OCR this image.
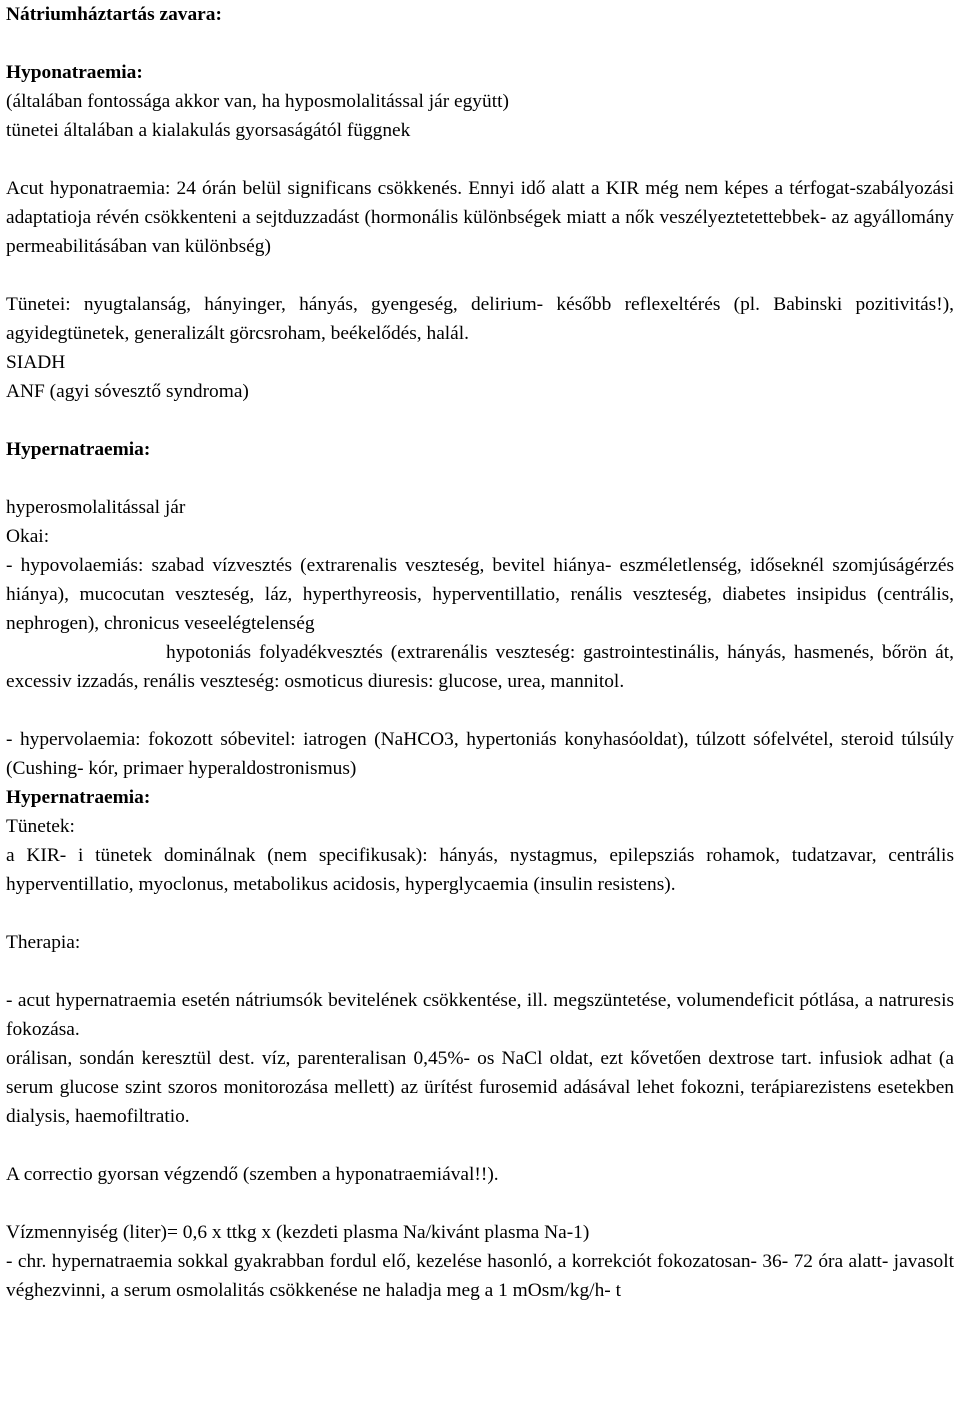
Nátriumháztartás zavara:

Hyponatraemia:

(általában fontossága akkor van, ha hyposmolalitással jár együtt)

tünetei általában a kialakulás gyorsaságától függnek

Acut hyponatraemia: 24 órán belül significans csökkenés. Ennyi idő alatt a KIR még nem képes a térfogat-szabályozási adaptatioja révén csökkenteni a sejtduzzadást (hormonális különbségek miatt a nők veszélyeztetettebbek- az agyállomány permeabilitásában van különbség)

Tünetei: nyugtalanság, hányinger, hányás, gyengeség, delirium- később reflexeltérés (pl. Babinski pozitivitás!), agyidegtünetek, generalizált görcsroham, beékelődés, halál.

SIADH

ANF (agyi sóvesztő syndroma)

Hypernatraemia:

hyperosmolalitással jár

Okai:

- hypovolaemiás: szabad vízvesztés (extrarenalis veszteség, bevitel hiánya- eszméletlenség, időseknél szomjúságérzés hiánya), mucocutan veszteség, láz, hyperthyreosis, hyperventillatio, renális veszteség, diabetes insipidus (centrális, nephrogen), chronicus veseelégtelenség

hypotoniás folyadékvesztés (extrarenális veszteség: gastrointestinális, hányás, hasmenés, bőrön át, excessiv izzadás, renális veszteség: osmoticus diuresis: glucose, urea, mannitol.

- hypervolaemia: fokozott sóbevitel: iatrogen (NaHCO3, hypertoniás konyhasóoldat), túlzott sófelvétel, steroid túlsúly (Cushing- kór, primaer hyperaldostronismus)

Hypernatraemia:

Tünetek:

a KIR- i tünetek dominálnak (nem specifikusak): hányás, nystagmus, epilepsziás rohamok, tudatzavar, centrális hyperventillatio, myoclonus, metabolikus acidosis, hyperglycaemia (insulin resistens).

Therapia:

- acut hypernatraemia esetén nátriumsók bevitelének csökkentése, ill. megszüntetése, volumendeficit pótlása, a natruresis fokozása.

orálisan, sondán keresztül dest. víz, parenteralisan 0,45%- os NaCl oldat, ezt kővetően dextrose tart. infusiok adhat (a serum glucose szint szoros monitorozása mellett) az ürítést furosemid adásával lehet fokozni, terápiarezistens esetekben dialysis, haemofiltratio.

A correctio gyorsan végzendő (szemben a hyponatraemiával!!).

Vízmennyiség (liter)= 0,6 x ttkg x (kezdeti plasma Na/kivánt plasma Na-1)

- chr. hypernatraemia sokkal gyakrabban fordul elő, kezelése hasonló, a korrekciót fokozatosan- 36- 72 óra alatt- javasolt véghezvinni, a serum osmolalitás csökkenése ne haladja meg a 1 mOsm/kg/h- t
